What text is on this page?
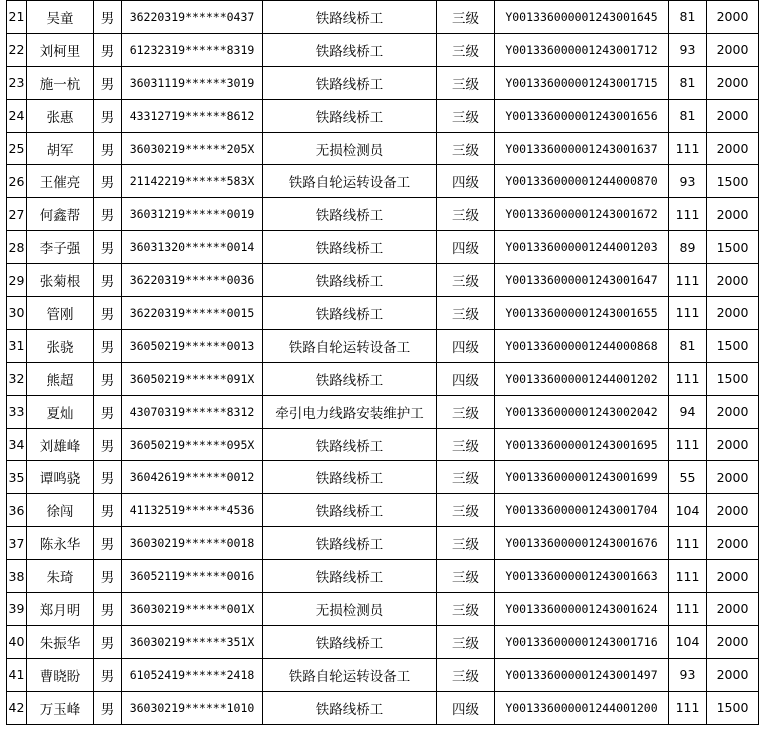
21	吴童	男	36220319******0437	铁路线桥工	三级	Y001336000001243001645	81	2000
22	刘柯里	男	61232319******8319	铁路线桥工	三级	Y001336000001243001712	93	2000
23	施一杭	男	36031119******3019	铁路线桥工	三级	Y001336000001243001715	81	2000
24	张惠	男	43312719******8612	铁路线桥工	三级	Y001336000001243001656	81	2000
25	胡军	男	36030219******205X	无损检测员	三级	Y001336000001243001637	111	2000
26	王催亮	男	21142219******583X	铁路自轮运转设备工	四级	Y001336000001244000870	93	1500
27	何鑫帮	男	36031219******0019	铁路线桥工	三级	Y001336000001243001672	111	2000
28	李子强	男	36031320******0014	铁路线桥工	四级	Y001336000001244001203	89	1500
29	张菊根	男	36220319******0036	铁路线桥工	三级	Y001336000001243001647	111	2000
30	管刚	男	36220319******0015	铁路线桥工	三级	Y001336000001243001655	111	2000
31	张骁	男	36050219******0013	铁路自轮运转设备工	四级	Y001336000001244000868	81	1500
32	熊超	男	36050219******091X	铁路线桥工	四级	Y001336000001244001202	111	1500
33	夏灿	男	43070319******8312	牵引电力线路安装维护工	三级	Y001336000001243002042	94	2000
34	刘雄峰	男	36050219******095X	铁路线桥工	三级	Y001336000001243001695	111	2000
35	谭鸣骁	男	36042619******0012	铁路线桥工	三级	Y001336000001243001699	55	2000
36	徐闯	男	41132519******4536	铁路线桥工	三级	Y001336000001243001704	104	2000
37	陈永华	男	36030219******0018	铁路线桥工	三级	Y001336000001243001676	111	2000
38	朱琦	男	36052119******0016	铁路线桥工	三级	Y001336000001243001663	111	2000
39	郑月明	男	36030219******001X	无损检测员	三级	Y001336000001243001624	111	2000
40	朱振华	男	36030219******351X	铁路线桥工	三级	Y001336000001243001716	104	2000
41	曹晓盼	男	61052419******2418	铁路自轮运转设备工	三级	Y001336000001243001497	93	2000
42	万玉峰	男	36030219******1010	铁路线桥工	四级	Y001336000001244001200	111	1500
